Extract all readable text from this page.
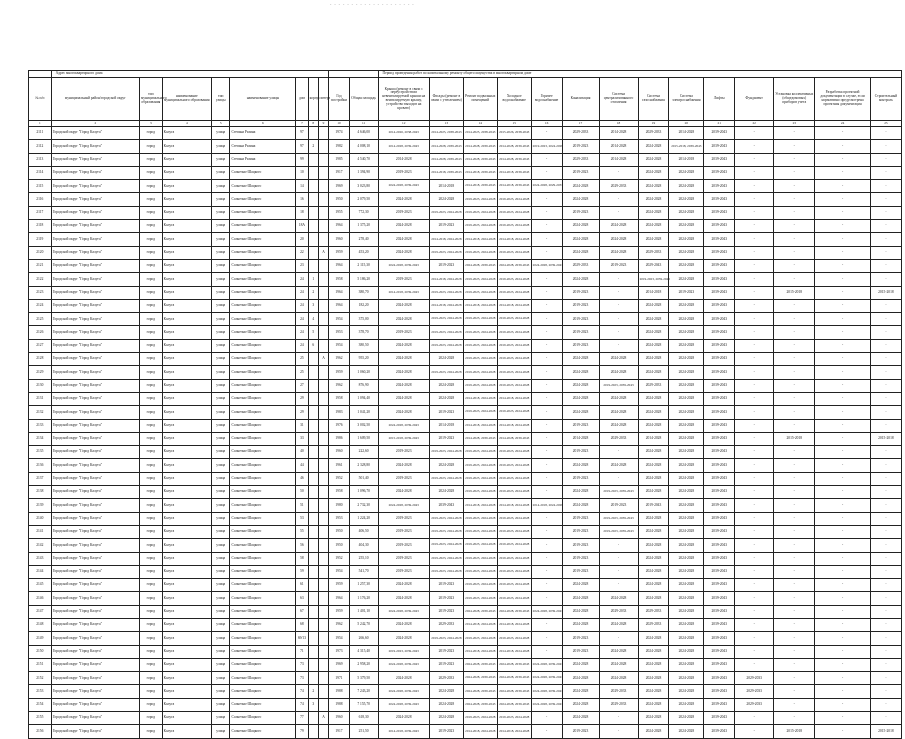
- - - - - - - - - - - - - - - - - - - -
	Адрес многоквартирного дома										Период проведения работ по капитальному ремонту общего имущества в многоквартирном доме													
№ п/п	муниципальный район/городской округ	тип муниципального образования	наименование муниципального образования	тип улицы	наименование улицы	дом	корпус	литера	Год постройки	Общая площадь	Крыша (ремонт в связи с переустройством невентилируемой крыши на вентилируемую крышу, устройство выходов на кровлю)	Фасады (ремонт в связи с утеплением)	Ремонт подвальных помещений	Холодное водоснабжение	Горячее водоснабжение	Канализация	Система централизованного отопления	Система газоснабжения	Система электроснабжения	Лифты	Фундамент	Установка коллективных (общедомовых) приборов учета	Разработка проектной документации в случае, если нормативно предусмотрена проектная документация	Строительный контроль
1	2	3	4	5	6	7	8	9	10	11	12	13	14	15	16	17	18	19	20	21	22	23	24	25
2111	Городской округ "Город Калуга"	город	Калуга	улица	Степана Разина	97			1974	4 646,00	2014-2026, 2038-2043	2014-2025, 2038-2043	2014-2025, 2038-2043	2015-2026, 2038-2043	-	2029-2033	2014-2028	2029-2033	2014-2028	2039-2043	-	-	-	-
2112	Городской округ "Город Калуга"	город	Калуга	улица	Степана Разина	97	2		1982	4 008,10	2014-2028, 2039-2043	2014-2028, 2039-2043	2014-2028, 2039-2043	2014-2028, 2039-2043	2019-2023, 2024-2028	2019-2023	2014-2028	2024-2028	2015-2018, 2039-2043	2039-2043	-	-	-	-
2113	Городской округ "Город Калуга"	город	Калуга	улица	Степана Разина	99			1985	4 540,70	2014-2028	2014-2028, 2039-2043	2014-2028, 2039-2043	2014-2028, 2039-2043	-	2029-2033	2014-2028	2024-2028	2014-2018	2039-2043	-	-	-	-
2114	Городской округ "Город Калуга"	город	Калуга	улица	Солнечно-Шацкого	10			1917	1 394,90	2019-2023	2014-2018, 2039-2043	2014-2018, 2039-2043	2014-2018, 2039-2043	-	2019-2023	-	2024-2028	2024-2028	2039-2043	-	-	-	-
2115	Городской округ "Город Калуга"	город	Калуга	улица	Солнечно-Шацкого	14			1969	3 023,80	2024-2028, 2039-2043	2014-2018	2014-2018, 2039-2043	2014-2018, 2039-2043	2024-2028, 2029-2033	2024-2028	2029-2033	2024-2028	2024-2028	2039-2043	-	-	-	-
2116	Городской округ "Город Калуга"	город	Калуга	улица	Солнечно-Шацкого	16			1950	2 079,50	2024-2028	2024-2028	2019-2023, 2024-2028	2019-2023, 2024-2028	-	2024-2028	-	2024-2028	2024-2028	2039-2043	-	-	-	-
2117	Городской округ "Город Калуга"	город	Калуга	улица	Солнечно-Шацкого	18			1955	772,30	2019-2023	2019-2023, 2024-2028	2019-2023, 2024-2028	2019-2023, 2024-2028	-	2019-2023	-	2024-2028	2024-2028	2039-2043	-	-	-	-
2118	Городской округ "Город Калуга"	город	Калуга	улица	Солнечно-Шацкого	18А			1964	1 375,20	2024-2028	2019-2023	2019-2023, 2024-2028	2019-2023, 2024-2028	-	2024-2028	2024-2028	2024-2028	2024-2028	2039-2043	-	-	-	-
2119	Городской округ "Город Калуга"	город	Калуга	улица	Солнечно-Шацкого	20			1960	278,40	2024-2028	2014-2018, 2024-2028	2014-2018, 2024-2028	2014-2018, 2024-2028	-	2024-2028	2024-2028	2024-2028	2024-2028	2039-2043	-	-	-	-
2120	Городской округ "Город Калуга"	город	Калуга	улица	Солнечно-Шацкого	22		А	1959	453,20	2024-2028	2019-2023, 2024-2028	2019-2023, 2024-2028	2019-2023, 2024-2028	-	2024-2028	2024-2028	2029-2033	2024-2028	2039-2043	-	-	-	-
2121	Городской округ "Город Калуга"	город	Калуга	улица	Солнечно-Шацкого	23			1964	2 115,30	2024-2028, 2039-2043	2019-2023	2024-2028, 2039-2043	2024-2028, 2039-2043	2024-2028, 2039-2043	2029-2033	2019-2023	2029-2043	2024-2028	2039-2043	-	-	-	-
2122	Городской округ "Город Калуга"	город	Калуга	улица	Солнечно-Шацкого	24	1		1958	5 186,20	2019-2023	2014-2018, 2024-2028	2019-2023, 2024-2028	2019-2023, 2024-2028	-	2024-2028	-	2019-2023, 2039-2043	2024-2028	2039-2043	-	-	-	-
2123	Городской округ "Город Калуга"	город	Калуга	улица	Солнечно-Шацкого	24	2		1964	380,70	2014-2018, 2039-2043	2019-2023, 2024-2028	2019-2023, 2024-2028	2019-2023, 2024-2028	-	2019-2023	-	2014-2018	2019-2023	2039-2043	-	2015-2018	-	2015-2018
2124	Городской округ "Город Калуга"	город	Калуга	улица	Солнечно-Шацкого	24	3		1964	182,20	2024-2028	2014-2018, 2024-2028	2014-2018, 2024-2028	2014-2018, 2024-2028	-	2019-2023	-	2024-2028	2024-2028	2039-2043	-	-	-	-
2125	Городской округ "Город Калуга"	город	Калуга	улица	Солнечно-Шацкого	24	4		1954	375,00	2024-2028	2019-2023, 2024-2028	2019-2023, 2024-2028	2019-2023, 2024-2028	-	2019-2023	-	2024-2028	2024-2028	2039-2043	-	-	-	-
2126	Городской округ "Город Калуга"	город	Калуга	улица	Солнечно-Шацкого	24	5		1953	378,70	2019-2023	2019-2023, 2024-2028	2019-2023, 2024-2028	2019-2023, 2024-2028	-	2019-2023	-	2024-2028	2024-2028	2039-2043	-	-	-	-
2127	Городской округ "Город Калуга"	город	Калуга	улица	Солнечно-Шацкого	24	6		1954	380,50	2024-2028	2019-2023, 2024-2028	2019-2023, 2024-2028	2019-2023, 2024-2028	-	2019-2023	-	2024-2028	2024-2028	2039-2043	-	-	-	-
2128	Городской округ "Город Калуга"	город	Калуга	улица	Солнечно-Шацкого	25		А	1962	955,20	2024-2028	2024-2028	2019-2023, 2024-2028	2019-2023, 2024-2028	-	2024-2028	2024-2028	2024-2028	2024-2028	2039-2043	-	-	-	-
2129	Городской округ "Город Калуга"	город	Калуга	улица	Солнечно-Шацкого	25			1959	1 060,20	2024-2028	2019-2023, 2024-2028	2019-2023, 2024-2028	2019-2023, 2024-2028	-	2024-2028	2024-2028	2024-2028	2024-2028	2039-2043	-	-	-	-
2130	Городской округ "Город Калуга"	город	Калуга	улица	Солнечно-Шацкого	27			1962	876,90	2024-2028	2024-2028	2019-2023, 2024-2028	2019-2023, 2024-2028	-	2024-2028	2019-2023, 2039-2043	2029-2033	2024-2028	2039-2043	-	-	-	-
2131	Городской округ "Город Калуга"	город	Калуга	улица	Солнечно-Шацкого	29			1958	1 094,40	2024-2028	2024-2028	2014-2018, 2024-2028	2014-2018, 2024-2028	-	2024-2028	2024-2028	2024-2028	2024-2028	2039-2043	-	-	-	-
2132	Городской округ "Город Калуга"	город	Калуга	улица	Солнечно-Шацкого	29			1983	1 041,20	2024-2028	2019-2023	2019-2023, 2024-2028	2019-2023, 2024-2028	-	2024-2028	2024-2028	2024-2028	2024-2028	2039-2043	-	-	-	-
2133	Городской округ "Город Калуга"	город	Калуга	улица	Солнечно-Шацкого	31			1976	3 002,50	2024-2028, 2039-2043	2014-2018	2014-2018, 2024-2028	2014-2018, 2024-2028	-	2019-2023	2024-2028	2024-2028	2024-2028	2039-2043	-	-	-	-
2134	Городской округ "Город Калуга"	город	Калуга	улица	Солнечно-Шацкого	33			1986	1 609,50	2015-2018, 2039-2043	2019-2023	2014-2028, 2039-2043	2014-2028, 2039-2043	-	2014-2028	2029-2033	2014-2028	2024-2028	2039-2043	-	2015-2018	-	2015-2018
2135	Городской округ "Город Калуга"	город	Калуга	улица	Солнечно-Шацкого	40			1960	222,60	2019-2023	2019-2023, 2024-2028	2019-2023, 2024-2028	2019-2023, 2024-2028	-	2019-2023	-	2024-2028	2024-2028	2039-2043	-	-	-	-
2136	Городской округ "Город Калуга"	город	Калуга	улица	Солнечно-Шацкого	44			1961	2 328,80	2024-2028	2024-2028	2019-2023, 2024-2028	2019-2023, 2024-2028	-	2024-2028	2024-2028	2024-2028	2024-2028	2039-2043	-	-	-	-
2137	Городской округ "Город Калуга"	город	Калуга	улица	Солнечно-Шацкого	46			1952	501,40	2019-2023	2019-2023, 2024-2028	2019-2023, 2024-2028	2019-2023, 2024-2028	-	2019-2023	-	2024-2028	2024-2028	2039-2043	-	-	-	-
2138	Городской округ "Город Калуга"	город	Калуга	улица	Солнечно-Шацкого	50			1958	1 096,70	2024-2028	2024-2028	2019-2023, 2024-2028	2019-2023, 2024-2028	-	2024-2028	2019-2023, 2039-2043	2024-2028	2024-2028	2039-2043	-	-	-	-
2139	Городской округ "Город Калуга"	город	Калуга	улица	Солнечно-Шацкого	51			1980	2 732,30	2024-2028, 2039-2043	2039-2043	2014-2018, 2024-2028	2014-2018, 2024-2028	2014-2018, 2024-2028	2024-2028	2019-2023	2019-2043	2024-2028	2039-2043	-	-	-	-
2140	Городской округ "Город Калуга"	город	Калуга	улица	Солнечно-Шацкого	53			1953	1 224,20	2019-2023	2019-2023, 2024-2028	2019-2023, 2024-2028	2019-2023, 2024-2028	-	2019-2023	2019-2023, 2039-2043	2024-2028	2024-2028	2039-2043	-	-	-	-
2141	Городской округ "Город Калуга"	город	Калуга	улица	Солнечно-Шацкого	55			1950	406,50	2019-2023	2019-2023, 2024-2028	2019-2023, 2024-2028	2019-2023, 2024-2028	-	2019-2023	2019-2023, 2039-2043	2024-2028	2024-2028	2039-2043	-	-	-	-
2142	Городской округ "Город Калуга"	город	Калуга	улица	Солнечно-Шацкого	56			1950	404,30	2019-2023	2019-2023, 2024-2028	2019-2023, 2024-2028	2019-2023, 2024-2028	-	2019-2023	-	2024-2028	2024-2028	2039-2043	-	-	-	-
2143	Городской округ "Город Калуга"	город	Калуга	улица	Солнечно-Шацкого	58			1952	255,10	2019-2023	2019-2023, 2024-2028	2019-2023, 2024-2028	2019-2023, 2024-2028	-	2019-2023	-	2024-2028	2024-2028	2039-2043	-	-	-	-
2144	Городской округ "Город Калуга"	город	Калуга	улица	Солнечно-Шацкого	59			1954	541,70	2019-2023	2019-2023, 2024-2028	2019-2023, 2024-2028	2019-2023, 2024-2028	-	2019-2023	-	2024-2028	2024-2028	2039-2043	-	-	-	-
2145	Городской округ "Город Калуга"	город	Калуга	улица	Солнечно-Шацкого	61			1959	1 257,30	2024-2028	2019-2023	2019-2023, 2024-2028	2019-2023, 2024-2028	-	2024-2028	-	2024-2028	2024-2028	2039-2043	-	-	-	-
2146	Городской округ "Город Калуга"	город	Калуга	улица	Солнечно-Шацкого	63			1964	1 176,20	2024-2028	2019-2023	2019-2023, 2024-2028	2019-2023, 2024-2028	-	2024-2028	2024-2028	2024-2028	2024-2028	2039-2043	-	-	-	-
2147	Городской округ "Город Калуга"	город	Калуга	улица	Солнечно-Шацкого	67			1959	1 401,10	2024-2028, 2039-2043	2019-2023	2024-2028, 2039-2043	2024-2028, 2039-2043	2024-2028, 2039-2043	2024-2028	2029-2033	2029-2033	2024-2028	2039-2043	-	-	-	-
2148	Городской округ "Город Калуга"	город	Калуга	улица	Солнечно-Шацкого	68			1962	5 242,70	2024-2028	2029-2033	2014-2018, 2024-2028	2014-2018, 2024-2028	-	2024-2028	2024-2028	2029-2033	2024-2028	2039-2043	-	-	-	-
2149	Городской округ "Город Калуга"	город	Калуга	улица	Солнечно-Шацкого	69/13			1954	266,60	2024-2028	2019-2023, 2024-2028	2019-2023, 2024-2028	2019-2023, 2024-2028	-	2019-2023	-	2024-2028	2024-2028	2039-2043	-	-	-	-
2150	Городской округ "Город Калуга"	город	Калуга	улица	Солнечно-Шацкого	71			1973	4 315,40	2019-2023, 2039-2043	2019-2023	2014-2018, 2024-2028	2014-2018, 2024-2028	-	2019-2023	2024-2028	2024-2028	2024-2028	2039-2043	-	-	-	-
2151	Городской округ "Город Калуга"	город	Калуга	улица	Солнечно-Шацкого	73			1969	2 958,20	2024-2028, 2039-2043	2019-2023	2024-2028, 2039-2043	2024-2028, 2039-2043	2024-2028, 2039-2043	2024-2028	2024-2028	2024-2028	2024-2028	2039-2043	-	-	-	-
2152	Городской округ "Город Калуга"	город	Калуга	улица	Солнечно-Шацкого	73			1971	5 379,50	2024-2028	2029-2033	2024-2028, 2039-2043	2024-2028, 2039-2043	2024-2028, 2039-2043	2024-2028	2024-2028	2024-2028	2024-2028	2039-2043	2029-2033	-	-	-
2153	Городской округ "Город Калуга"	город	Калуга	улица	Солнечно-Шацкого	74	2		1988	7 243,20	2024-2028, 2039-2043	2024-2028	2024-2028, 2039-2043	2024-2028, 2039-2043	2024-2028, 2039-2043	2024-2028	2029-2033	2024-2028	2024-2028	2039-2043	2029-2033	-	-	-
2154	Городской округ "Город Калуга"	город	Калуга	улица	Солнечно-Шацкого	74	3		1988	7 155,70	2024-2028, 2039-2043	2024-2028	2024-2028, 2039-2043	2024-2028, 2039-2043	2024-2028, 2039-2043	2024-2028	2029-2033	2024-2028	2024-2028	2039-2043	2029-2033	-	-	-
2155	Городской округ "Город Калуга"	город	Калуга	улица	Солнечно-Шацкого	77		А	1960	618,30	2024-2028	2024-2028	2019-2023, 2024-2028	2019-2023, 2024-2028	-	2024-2028	-	2024-2028	2024-2028	2039-2043	-	-	-	-
2156	Городской округ "Город Калуга"	город	Калуга	улица	Солнечно-Шацкого	79			1917	251,50	2014-2018, 2039-2043	2019-2023	2014-2018, 2024-2028	2014-2018, 2024-2028	-	2019-2023	-	2024-2028	2024-2028	2039-2043	-	2015-2018	-	2015-2018
